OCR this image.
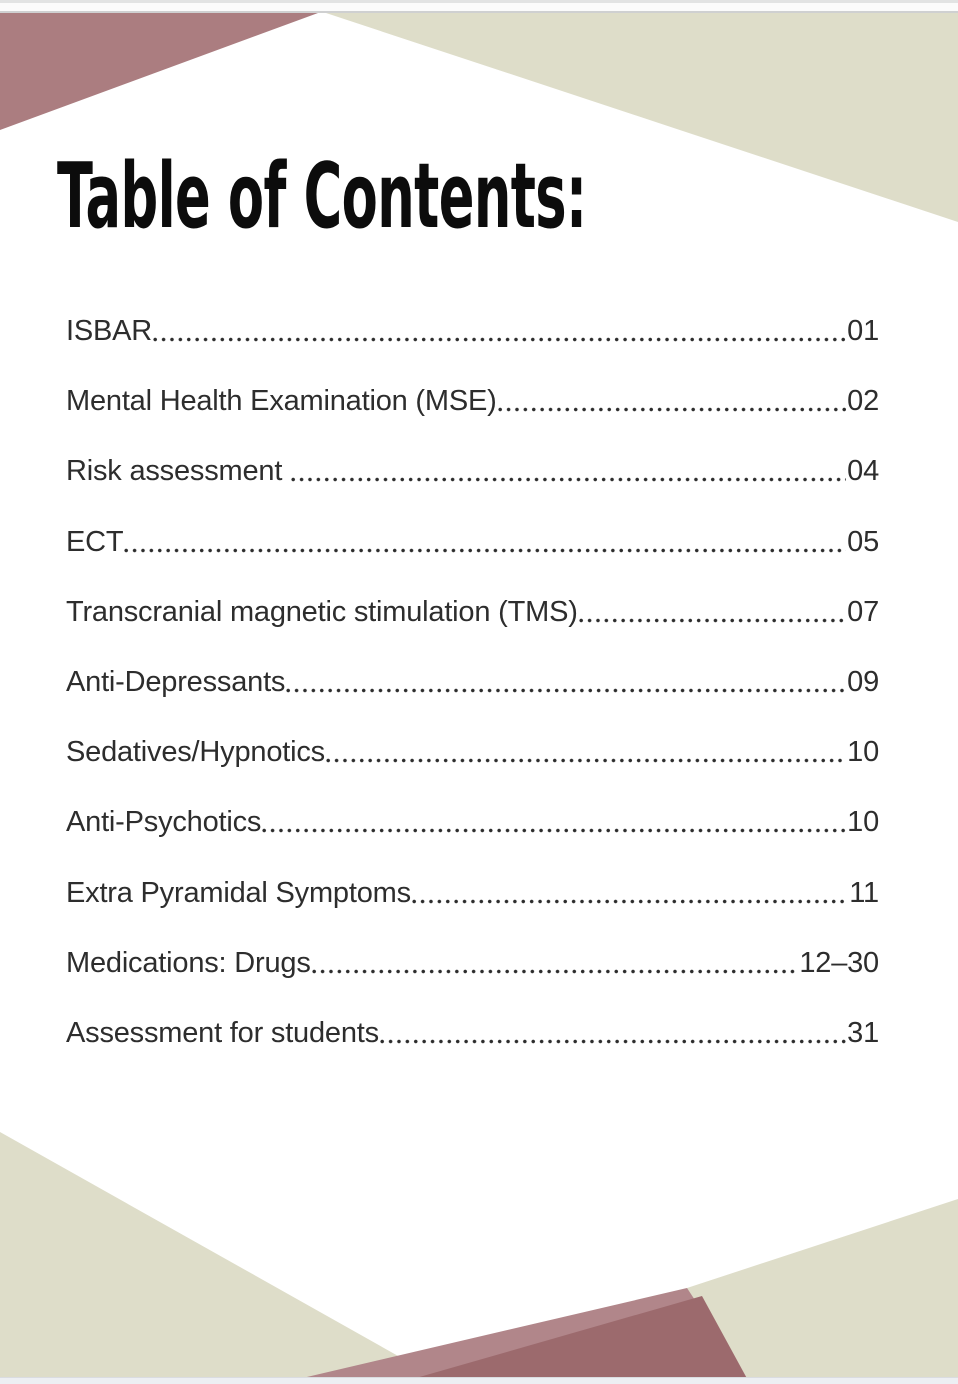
Table of Contents:
ISBAR	01
Mental Health Examination (MSE)	02
Risk assessment	04
ECT	05
Transcranial magnetic stimulation (TMS)	07
Anti-Depressants	09
Sedatives/Hypnotics	10
Anti-Psychotics	10
Extra Pyramidal Symptoms	11
Medications: Drugs	12–30
Assessment for students	31
